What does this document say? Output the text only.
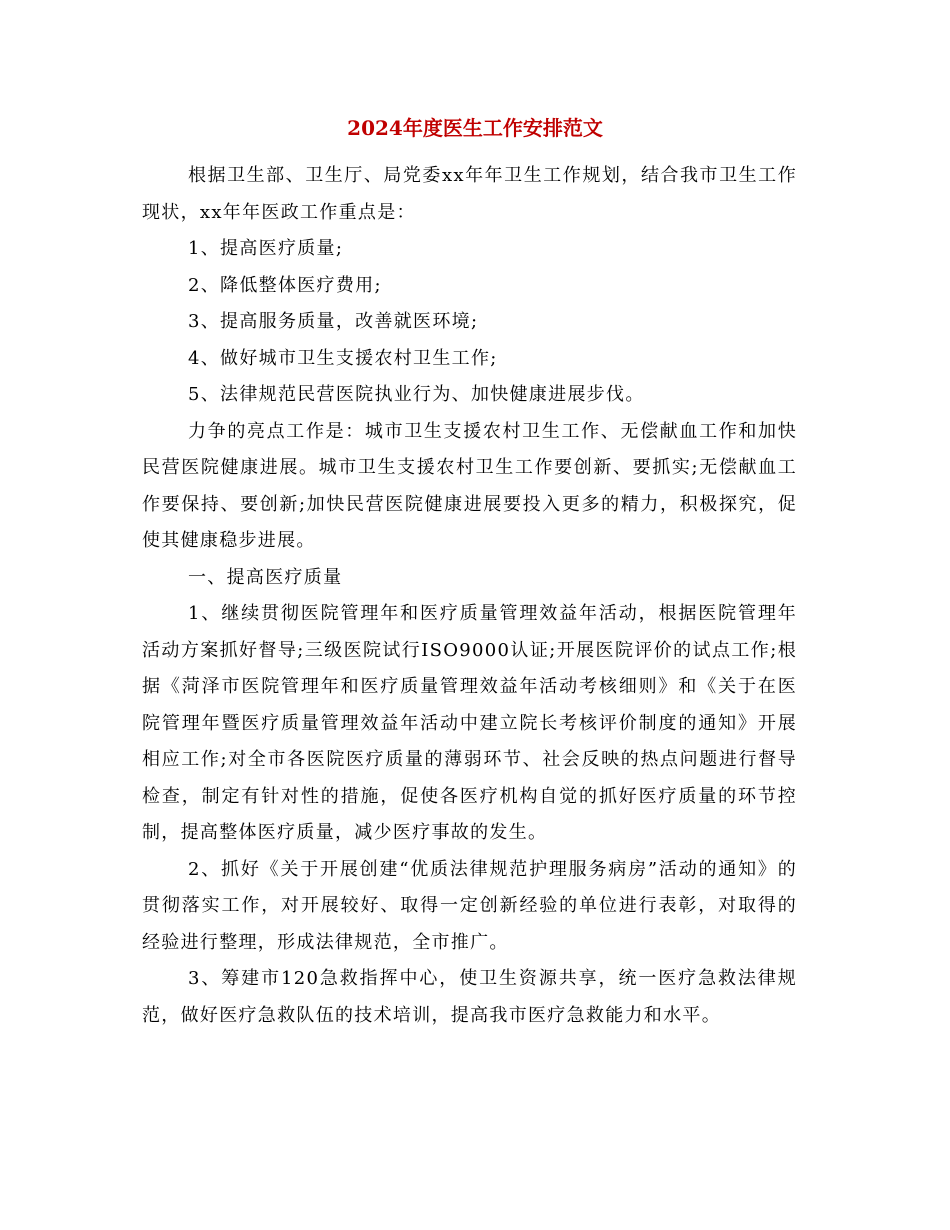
2024年度医生工作安排范文

根据卫生部、卫生厅、局党委xx年年卫生工作规划，结合我市卫生工作现状，xx年年医政工作重点是：

1、提高医疗质量;

2、降低整体医疗费用;

3、提高服务质量，改善就医环境;

4、做好城市卫生支援农村卫生工作;

5、法律规范民营医院执业行为、加快健康进展步伐。

力争的亮点工作是：城市卫生支援农村卫生工作、无偿献血工作和加快民营医院健康进展。城市卫生支援农村卫生工作要创新、要抓实;无偿献血工作要保持、要创新;加快民营医院健康进展要投入更多的精力，积极探究，促使其健康稳步进展。

一、提高医疗质量

1、继续贯彻医院管理年和医疗质量管理效益年活动，根据医院管理年活动方案抓好督导;三级医院试行ISO9000认证;开展医院评价的试点工作;根据《菏泽市医院管理年和医疗质量管理效益年活动考核细则》和《关于在医院管理年暨医疗质量管理效益年活动中建立院长考核评价制度的通知》开展相应工作;对全市各医院医疗质量的薄弱环节、社会反映的热点问题进行督导检查，制定有针对性的措施，促使各医疗机构自觉的抓好医疗质量的环节控制，提高整体医疗质量，减少医疗事故的发生。

2、抓好《关于开展创建“优质法律规范护理服务病房”活动的通知》的贯彻落实工作，对开展较好、取得一定创新经验的单位进行表彰，对取得的经验进行整理，形成法律规范，全市推广。

3、筹建市120急救指挥中心，使卫生资源共享，统一医疗急救法律规范，做好医疗急救队伍的技术培训，提高我市医疗急救能力和水平。
